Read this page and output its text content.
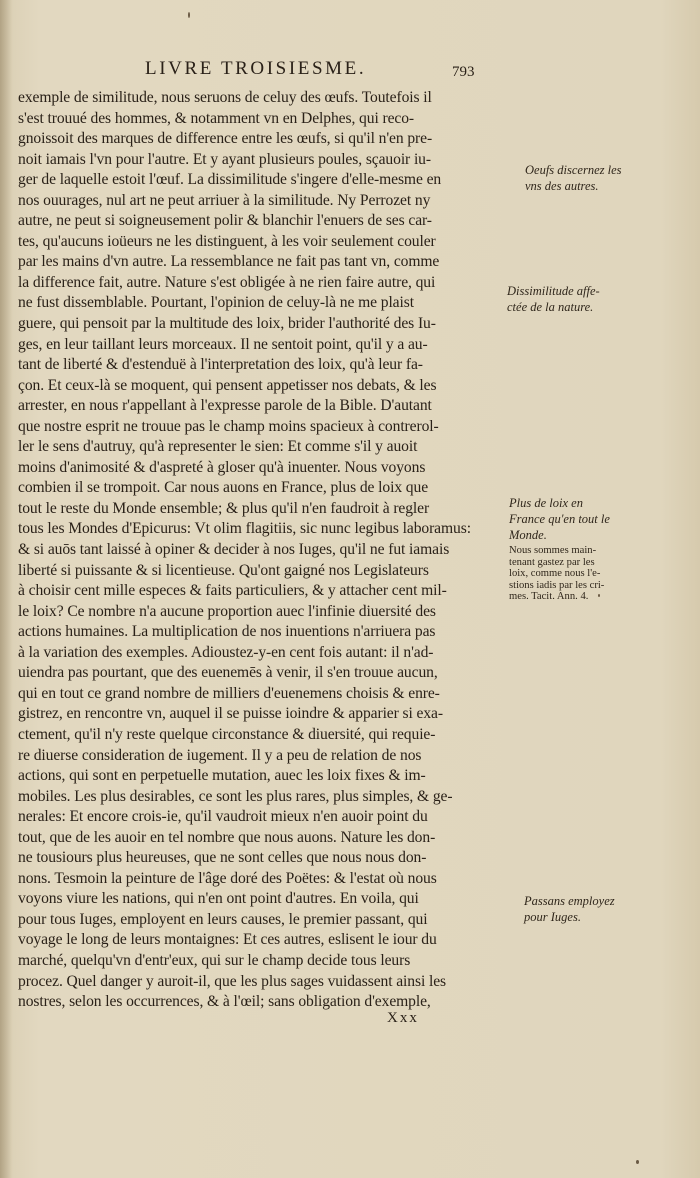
LIVRE TROISIESME.	793
exemple de similitude, nous seruons de celuy des œufs. Toutefois il
s'est trouué des hommes, & notamment vn en Delphes, qui reco-
gnoissoit des marques de difference entre les œufs, si qu'il n'en pre-
noit iamais l'vn pour l'autre. Et y ayant plusieurs poules, sçauoir iu-
ger de laquelle estoit l'œuf. La dissimilitude s'ingere d'elle-mesme en
nos ouurages, nul art ne peut arriuer à la similitude. Ny Perrozet ny
autre, ne peut si soigneusement polir & blanchir l'enuers de ses car-
tes, qu'aucuns ioüeurs ne les distinguent, à les voir seulement couler
par les mains d'vn autre. La ressemblance ne fait pas tant vn, comme
la difference fait, autre. Nature s'est obligée à ne rien faire autre, qui
ne fust dissemblable. Pourtant, l'opinion de celuy-là ne me plaist
guere, qui pensoit par la multitude des loix, brider l'authorité des Iu-
ges, en leur taillant leurs morceaux. Il ne sentoit point, qu'il y a au-
tant de liberté & d'estenduë à l'interpretation des loix, qu'à leur fa-
çon. Et ceux-là se moquent, qui pensent appetisser nos debats, & les
arrester, en nous r'appellant à l'expresse parole de la Bible. D'autant
que nostre esprit ne trouue pas le champ moins spacieux à contrerol-
ler le sens d'autruy, qu'à representer le sien: Et comme s'il y auoit
moins d'animosité & d'aspreté à gloser qu'à inuenter. Nous voyons
combien il se trompoit. Car nous auons en France, plus de loix que
tout le reste du Monde ensemble; & plus qu'il n'en faudroit à regler
tous les Mondes d'Epicurus: Vt olim flagitiis, sic nunc legibus laboramus:
& si auōs tant laissé à opiner & decider à nos Iuges, qu'il ne fut iamais
liberté si puissante & si licentieuse. Qu'ont gaigné nos Legislateurs
à choisir cent mille especes & faits particuliers, & y attacher cent mil-
le loix? Ce nombre n'a aucune proportion auec l'infinie diuersité des
actions humaines. La multiplication de nos inuentions n'arriuera pas
à la variation des exemples. Adioustez-y-en cent fois autant: il n'ad-
uiendra pas pourtant, que des euenemēs à venir, il s'en trouue aucun,
qui en tout ce grand nombre de milliers d'euenemens choisis & enre-
gistrez, en rencontre vn, auquel il se puisse ioindre & apparier si exa-
ctement, qu'il n'y reste quelque circonstance & diuersité, qui requie-
re diuerse consideration de iugement. Il y a peu de relation de nos
actions, qui sont en perpetuelle mutation, auec les loix fixes & im-
mobiles. Les plus desirables, ce sont les plus rares, plus simples, & ge-
nerales: Et encore crois-ie, qu'il vaudroit mieux n'en auoir point du
tout, que de les auoir en tel nombre que nous auons. Nature les don-
ne tousiours plus heureuses, que ne sont celles que nous nous don-
nons. Tesmoin la peinture de l'âge doré des Poëtes: & l'estat où nous
voyons viure les nations, qui n'en ont point d'autres. En voila, qui
pour tous Iuges, employent en leurs causes, le premier passant, qui
voyage le long de leurs montaignes: Et ces autres, eslisent le iour du
marché, quelqu'vn d'entr'eux, qui sur le champ decide tous leurs
procez. Quel danger y auroit-il, que les plus sages vuidassent ainsi les
nostres, selon les occurrences, & à l'œil; sans obligation d'exemple,
Xxx
Oeufs discernez les
vns des autres.
Dissimilitude affe-
ctée de la nature.
Plus de loix en
France qu'en tout le
Monde.
Nous sommes main-
tenant gastez par les
loix, comme nous l'e-
stions iadis par les cri-
mes. Tacit. Ann. 4.
Passans employez
pour Iuges.
